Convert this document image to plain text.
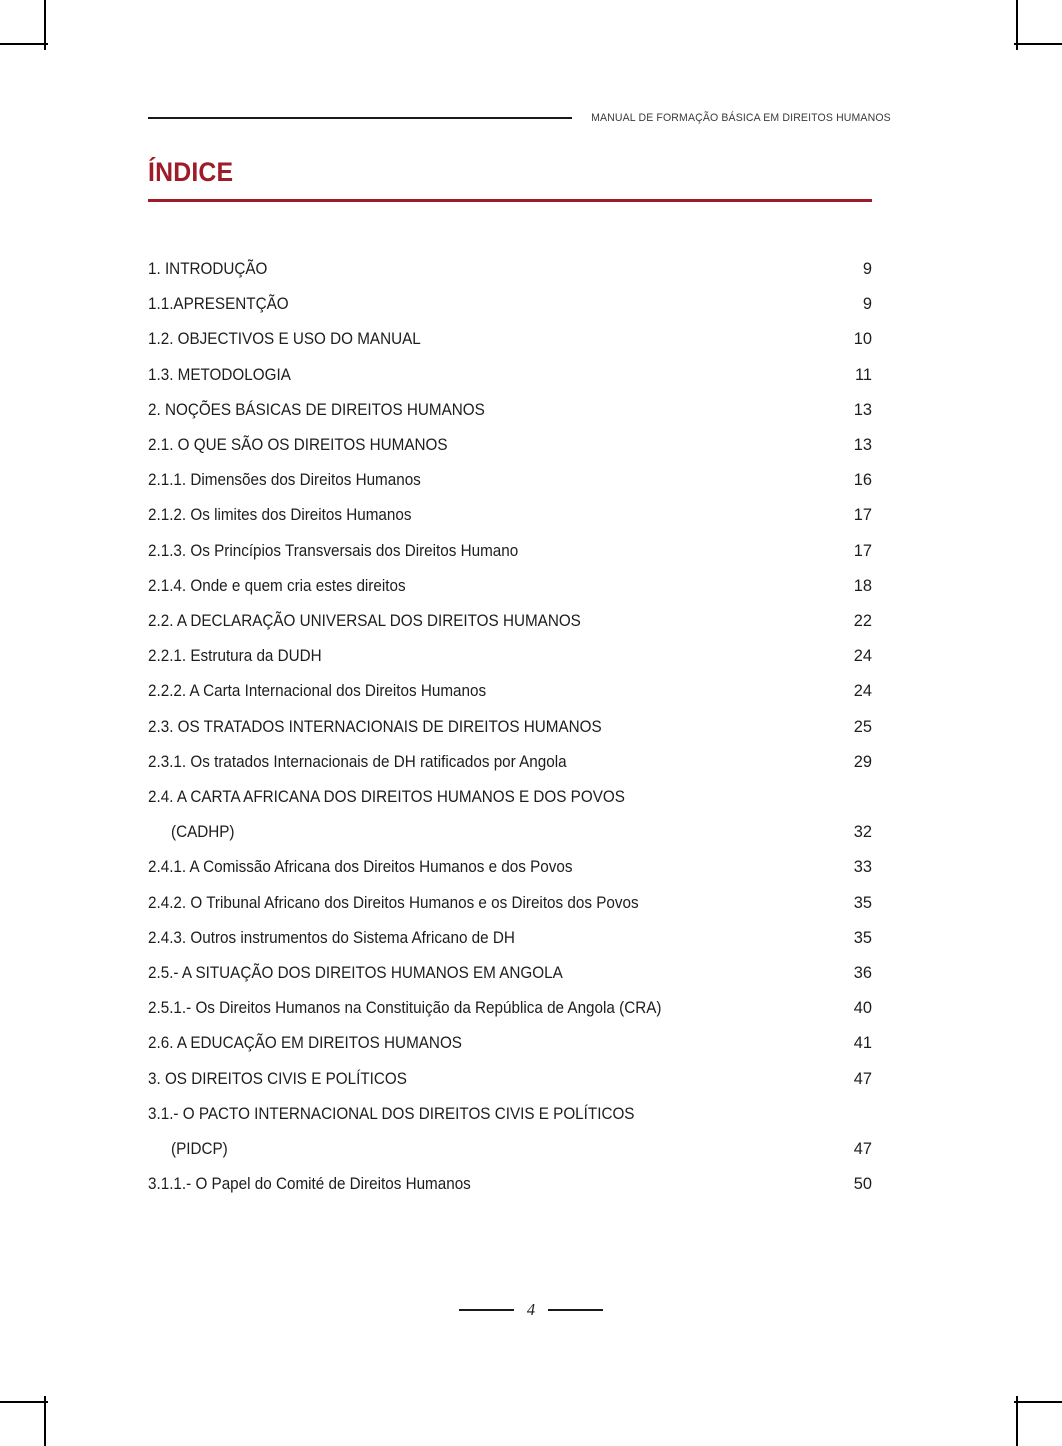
MANUAL DE FORMAÇÃO BÁSICA EM DIREITOS HUMANOS
ÍNDICE
1. INTRODUÇÃO .....	9
1.1.APRESENTÇÃO .....	9
1.2. OBJECTIVOS E USO DO MANUAL .....	10
1.3. METODOLOGIA .....	11
2. NOÇÕES BÁSICAS DE DIREITOS HUMANOS .....	13
2.1. O QUE SÃO OS DIREITOS HUMANOS .....	13
2.1.1. Dimensões dos Direitos Humanos .....	16
2.1.2. Os limites dos Direitos Humanos .....	17
2.1.3. Os Princípios Transversais dos Direitos Humano .....	17
2.1.4. Onde e quem cria estes direitos .....	18
2.2. A DECLARAÇÃO UNIVERSAL DOS DIREITOS HUMANOS .....	22
2.2.1. Estrutura da DUDH .....	24
2.2.2. A Carta Internacional dos Direitos Humanos .....	24
2.3. OS TRATADOS INTERNACIONAIS DE DIREITOS HUMANOS .....	25
2.3.1. Os tratados Internacionais de DH ratificados por Angola .....	29
2.4. A CARTA AFRICANA DOS DIREITOS HUMANOS E DOS POVOS
(CADHP) .....	32
2.4.1. A Comissão Africana dos Direitos Humanos e dos Povos .....	33
2.4.2. O Tribunal Africano dos Direitos Humanos e os Direitos dos Povos .....	35
2.4.3. Outros instrumentos do Sistema Africano de DH .....	35
2.5.- A SITUAÇÃO DOS DIREITOS HUMANOS EM ANGOLA .....	36
2.5.1.- Os Direitos Humanos na Constituição da República de Angola (CRA) .....	40
2.6. A EDUCAÇÃO EM DIREITOS HUMANOS .....	41
3. OS DIREITOS CIVIS E POLÍTICOS .....	47
3.1.- O PACTO INTERNACIONAL DOS DIREITOS CIVIS E POLÍTICOS
(PIDCP) .....	47
3.1.1.- O Papel do Comité de Direitos Humanos .....	50
4
